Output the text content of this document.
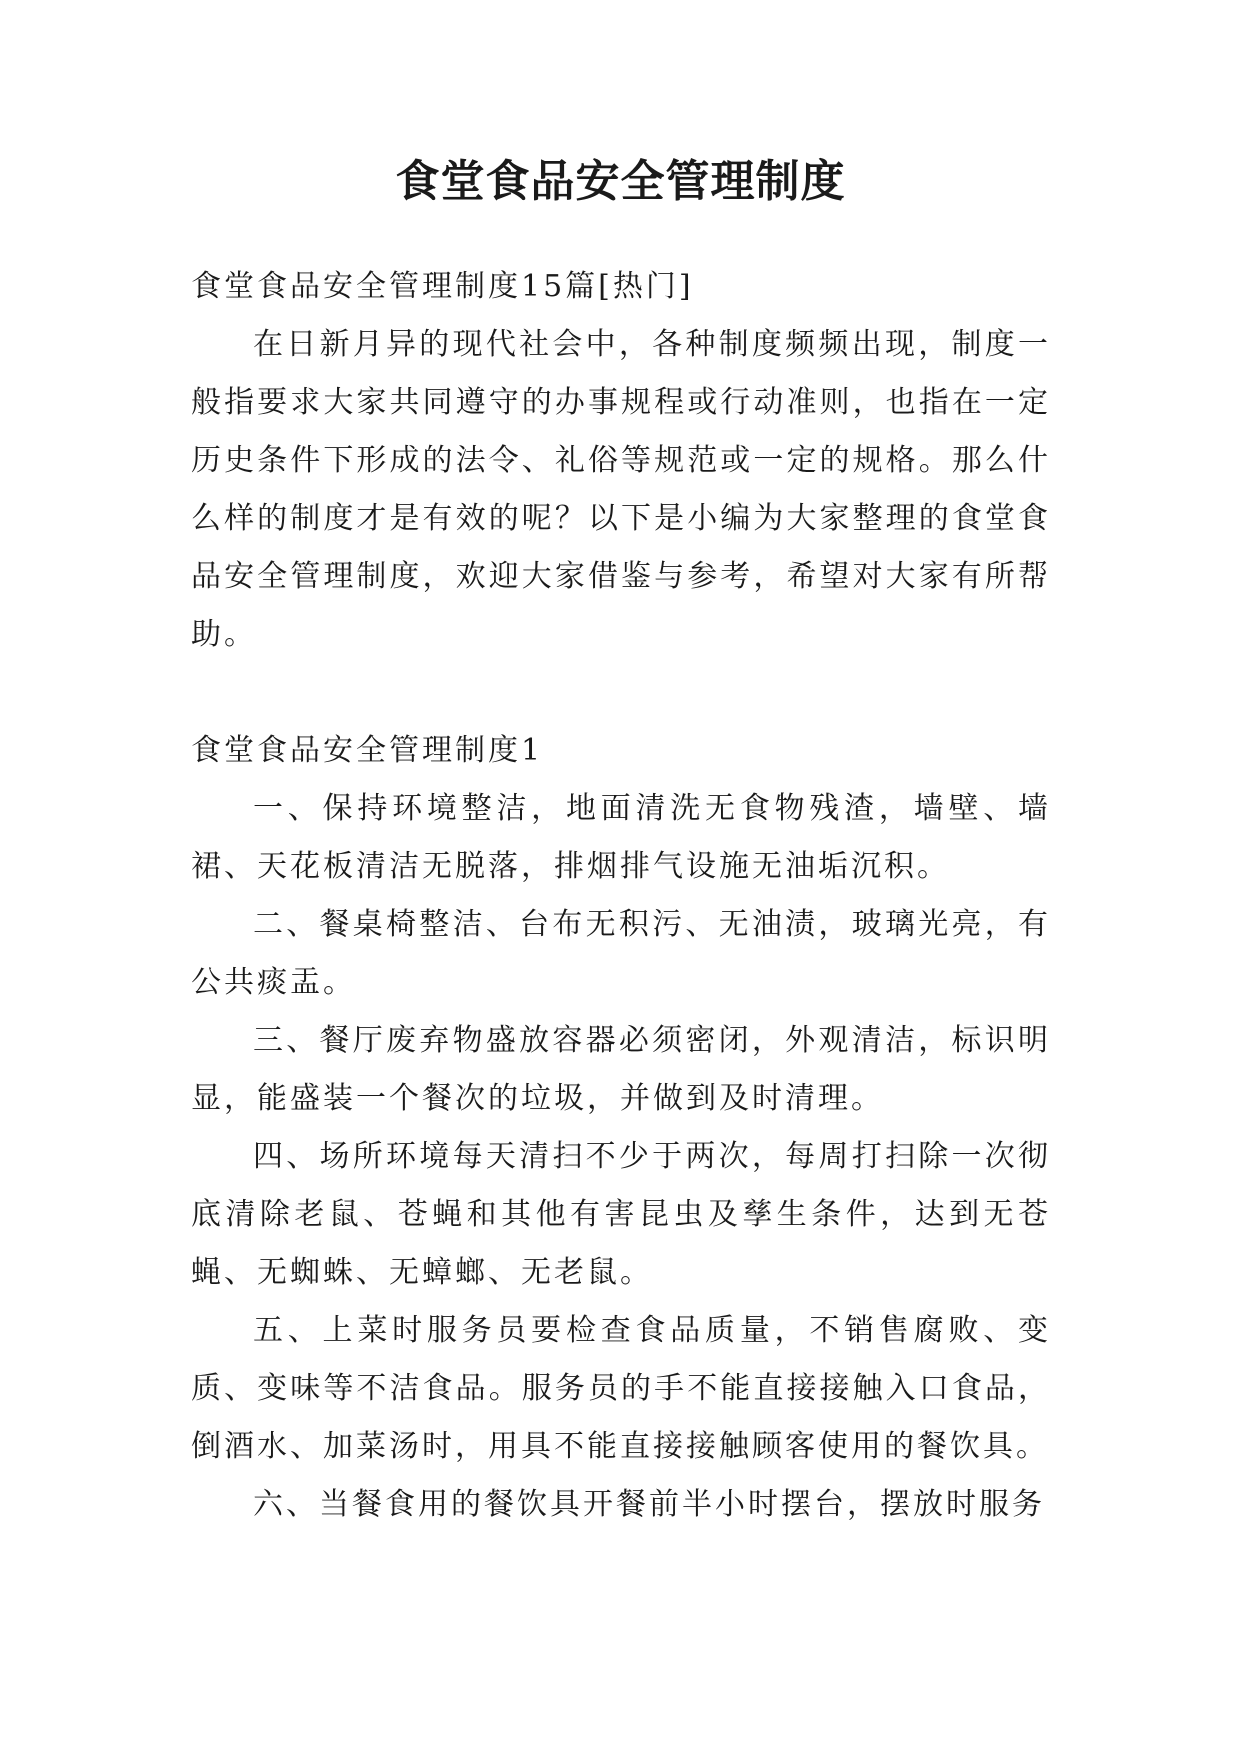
食堂食品安全管理制度

食堂食品安全管理制度15篇[热门]

在日新月异的现代社会中，各种制度频频出现，制度一般指要求大家共同遵守的办事规程或行动准则，也指在一定历史条件下形成的法令、礼俗等规范或一定的规格。那么什么样的制度才是有效的呢？以下是小编为大家整理的食堂食品安全管理制度，欢迎大家借鉴与参考，希望对大家有所帮助。

食堂食品安全管理制度1

一、保持环境整洁，地面清洗无食物残渣，墙壁、墙裙、天花板清洁无脱落，排烟排气设施无油垢沉积。

二、餐桌椅整洁、台布无积污、无油渍，玻璃光亮，有公共痰盂。

三、餐厅废弃物盛放容器必须密闭，外观清洁，标识明显，能盛装一个餐次的垃圾，并做到及时清理。

四、场所环境每天清扫不少于两次，每周打扫除一次彻底清除老鼠、苍蝇和其他有害昆虫及孳生条件，达到无苍蝇、无蜘蛛、无蟑螂、无老鼠。

五、上菜时服务员要检查食品质量，不销售腐败、变质、变味等不洁食品。服务员的手不能直接接触入口食品，倒酒水、加菜汤时，用具不能直接接触顾客使用的餐饮具。

六、当餐食用的餐饮具开餐前半小时摆台，摆放时服务
